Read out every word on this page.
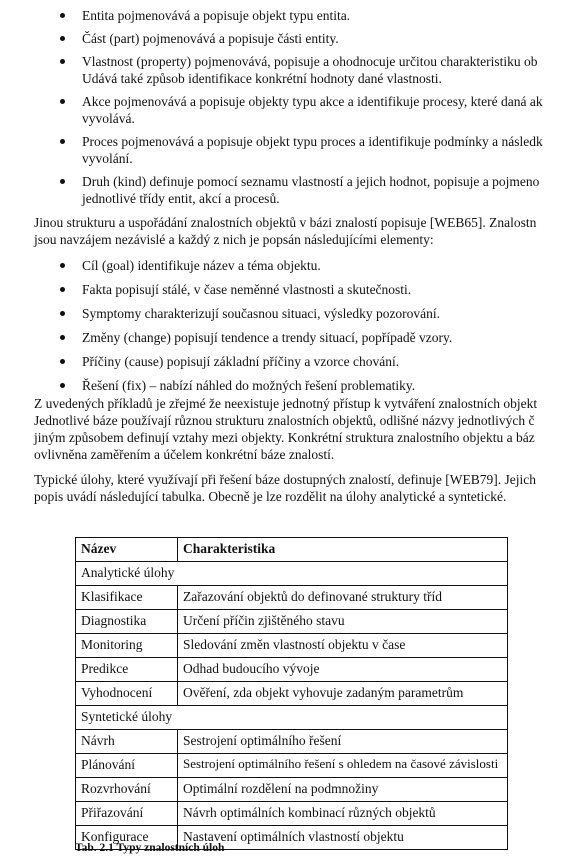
Entita pojmenovává a popisuje objekt typu entita.
Část (part) pojmenovává a popisuje části entity.
Vlastnost (property) pojmenovává, popisuje a ohodnocuje určitou charakteristiku ob
Udává také způsob identifikace konkrétní hodnoty dané vlastnosti.
Akce pojmenovává a popisuje objekty typu akce a identifikuje procesy, které daná ak
vyvolává.
Proces pojmenovává a popisuje objekt typu proces a identifikuje podmínky a následk
vyvolání.
Druh (kind) definuje pomocí seznamu vlastností a jejich hodnot, popisuje a pojmeno
jednotlivé třídy entit, akcí a procesů.
Jinou strukturu a uspořádání znalostních objektů v bázi znalostí popisuje [WEB65]. Znalostn
jsou navzájem nezávislé a každý z nich je popsán následujícími elementy:
Cíl (goal) identifikuje název a téma objektu.
Fakta popisují stálé, v čase neměnné vlastnosti a skutečnosti.
Symptomy charakterizují současnou situaci, výsledky pozorování.
Změny (change) popisují tendence a trendy situací, popřípadě vzory.
Příčiny (cause) popisují základní příčiny a vzorce chování.
Řešení (fix) – nabízí náhled do možných řešení problematiky.
Z uvedených příkladů je zřejmé že neexistuje jednotný přístup k vytváření znalostních objekt
Jednotlivé báze používají různou strukturu znalostních objektů, odlišné názvy jednotlivých č
jiným způsobem definují vztahy mezi objekty. Konkrétní struktura znalostního objektu a báz
ovlivněna zaměřením a účelem konkrétní báze znalostí.
Typické úlohy, které využívají při řešení báze dostupných znalostí, definuje [WEB79]. Jejich
popis uvádí následující tabulka. Obecně je lze rozdělit na úlohy analytické a syntetické.
Název	Charakteristika
Analytické úlohy	
Klasifikace	Zařazování objektů do definované struktury tříd
Diagnostika	Určení příčin zjištěného stavu
Monitoring	Sledování změn vlastností objektu v čase
Predikce	Odhad budoucího vývoje
Vyhodnocení	Ověření, zda objekt vyhovuje zadaným parametrům
Syntetické úlohy	
Návrh	Sestrojení optimálního řešení
Plánování	Sestrojení optimálního řešení s ohledem na časové závislosti
Rozvrhování	Optimální rozdělení na podmnožiny
Přiřazování	Návrh optimálních kombinací různých objektů
Konfigurace	Nastavení optimálních vlastností objektu
Tab. 2.1 Typy znalostních úloh
